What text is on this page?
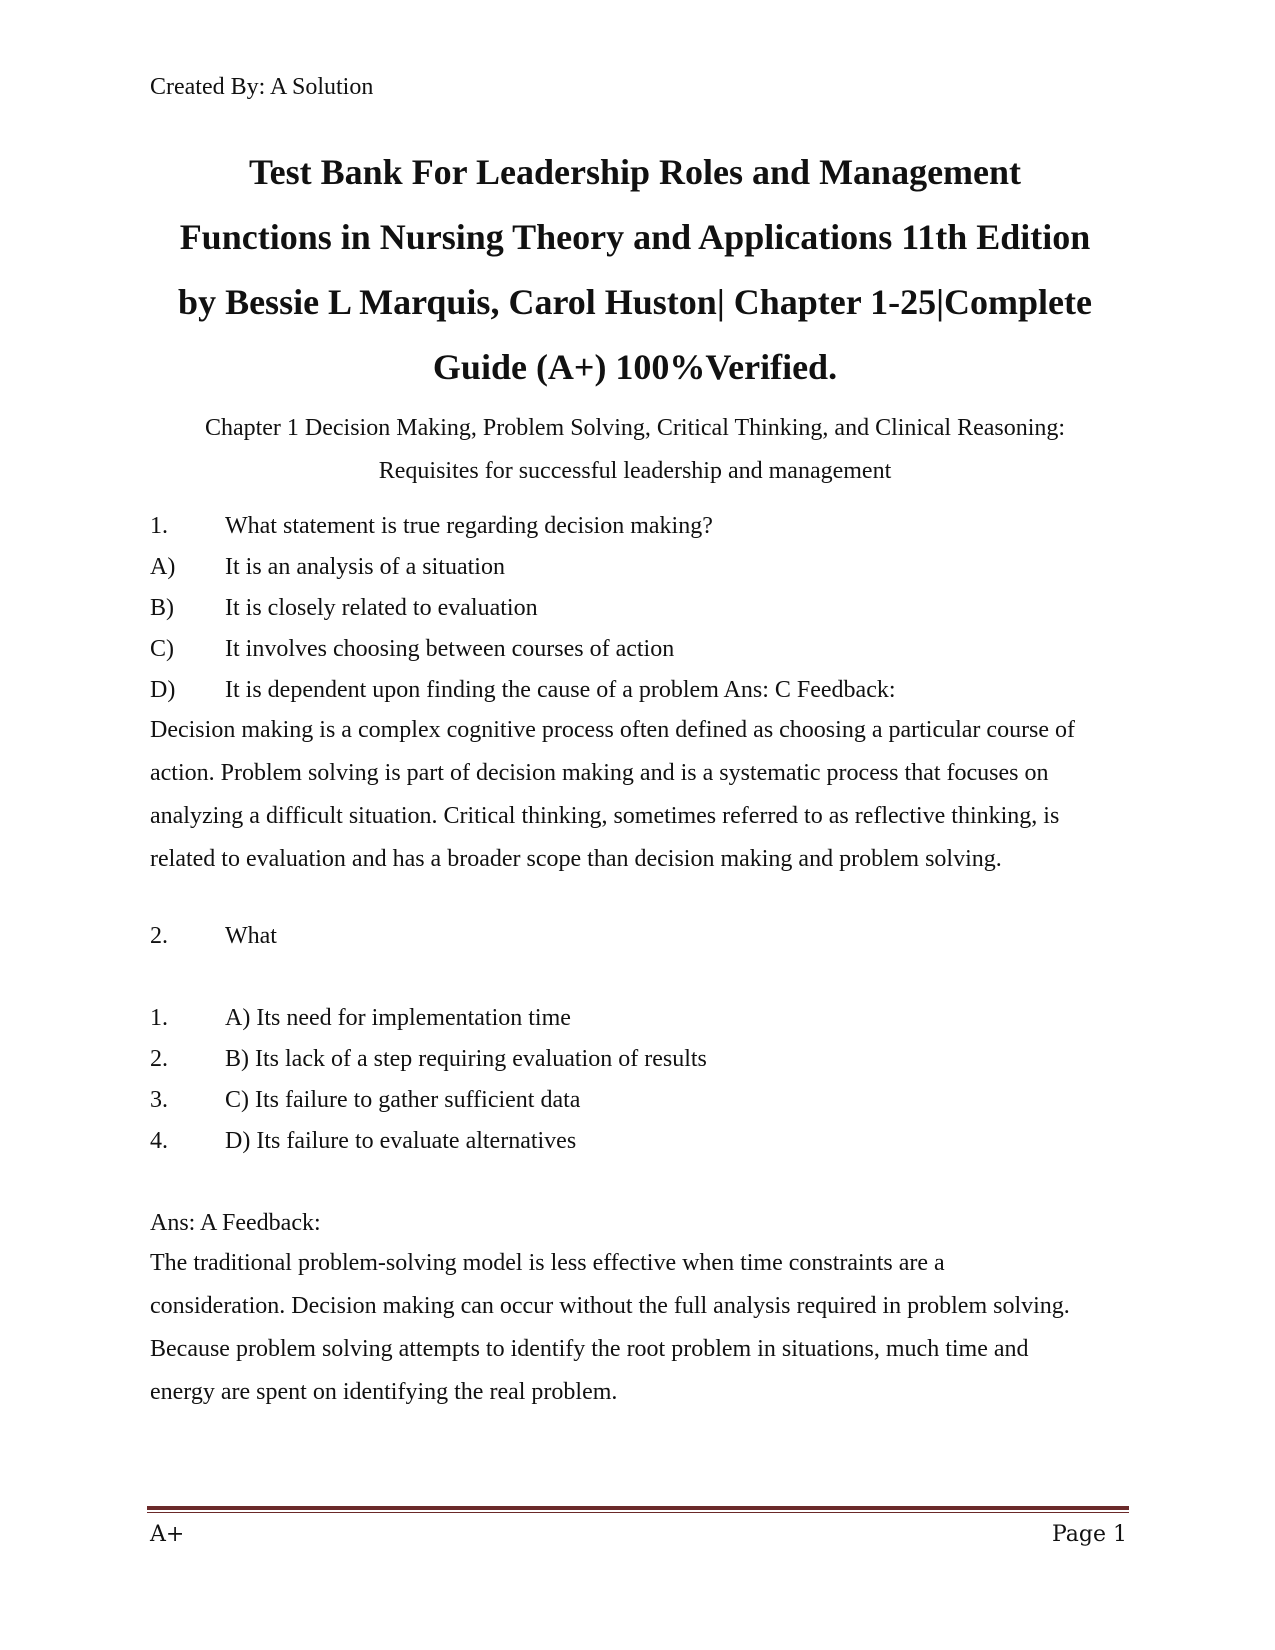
Created By: A Solution
Test Bank For Leadership Roles and Management
Functions in Nursing Theory and Applications 11th Edition
by Bessie L Marquis, Carol Huston| Chapter 1-25|Complete
Guide (A+) 100%Verified.
Chapter 1 Decision Making, Problem Solving, Critical Thinking, and Clinical Reasoning:
Requisites for successful leadership and management
1. What statement is true regarding decision making?
A) It is an analysis of a situation
B) It is closely related to evaluation
C) It involves choosing between courses of action
D) It is dependent upon finding the cause of a problem Ans: C Feedback:
Decision making is a complex cognitive process often defined as choosing a particular course of
action. Problem solving is part of decision making and is a systematic process that focuses on
analyzing a difficult situation. Critical thinking, sometimes referred to as reflective thinking, is
related to evaluation and has a broader scope than decision making and problem solving.
2. What
1. A) Its need for implementation time
2. B) Its lack of a step requiring evaluation of results
3. C) Its failure to gather sufficient data
4. D) Its failure to evaluate alternatives
Ans: A Feedback:
The traditional problem-solving model is less effective when time constraints are a
consideration. Decision making can occur without the full analysis required in problem solving.
Because problem solving attempts to identify the root problem in situations, much time and
energy are spent on identifying the real problem.
A+	Page 1
